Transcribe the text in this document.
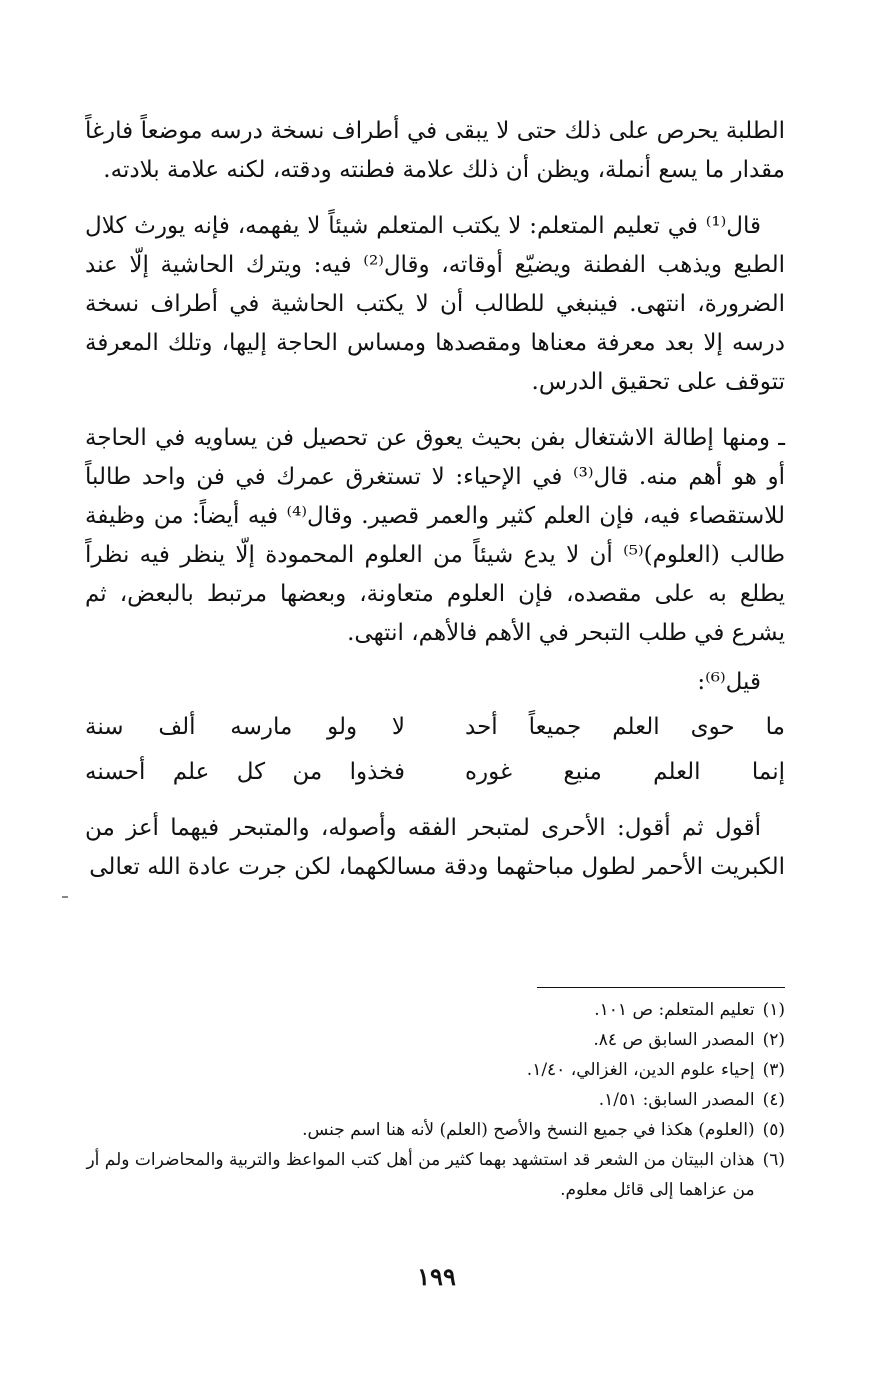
الطلبة يحرص على ذلك حتى لا يبقى في أطراف نسخة درسه موضعاً فارغاً مقدار ما يسع أنملة، ويظن أن ذلك علامة فطنته ودقته، لكنه علامة بلادته.

قال⁽¹⁾ في تعليم المتعلم: لا يكتب المتعلم شيئاً لا يفهمه، فإنه يورث كلال الطبع ويذهب الفطنة ويضيّع أوقاته، وقال⁽²⁾ فيه: ويترك الحاشية إلّا عند الضرورة، انتهى. فينبغي للطالب أن لا يكتب الحاشية في أطراف نسخة درسه إلا بعد معرفة معناها ومقصدها ومساس الحاجة إليها، وتلك المعرفة تتوقف على تحقيق الدرس.

ـ ومنها إطالة الاشتغال بفن بحيث يعوق عن تحصيل فن يساويه في الحاجة أو هو أهم منه. قال⁽³⁾ في الإحياء: لا تستغرق عمرك في فن واحد طالباً للاستقصاء فيه، فإن العلم كثير والعمر قصير. وقال⁽⁴⁾ فيه أيضاً: من وظيفة طالب (العلوم)⁽⁵⁾ أن لا يدع شيئاً من العلوم المحمودة إلّا ينظر فيه نظراً يطلع به على مقصده، فإن العلوم متعاونة، وبعضها مرتبط بالبعض، ثم يشرع في طلب التبحر في الأهم فالأهم، انتهى.

قيل⁽⁶⁾:

ما حوى العلم جميعاً أحد
لا ولو مارسه ألف سنة
إنما العلم منيع غوره
فخذوا من كل علم أحسنه

أقول ثم أقول: الأحرى لمتبحر الفقه وأصوله، والمتبحر فيهما أعز من الكبريت الأحمر لطول مباحثهما ودقة مسالكهما، لكن جرت عادة الله تعالى

(١)
تعليم المتعلم: ص ١٠١.

(٢)
المصدر السابق ص ٨٤.

(٣)
إحياء علوم الدين، الغزالي، ١/٤٠.

(٤)
المصدر السابق: ١/٥١.

(٥)
(العلوم) هكذا في جميع النسخ والأصح (العلم) لأنه هنا اسم جنس.

(٦)
هذان البيتان من الشعر قد استشهد بهما كثير من أهل كتب المواعظ والتربية والمحاضرات ولم أر من عزاهما إلى قائل معلوم.

١٩٩
